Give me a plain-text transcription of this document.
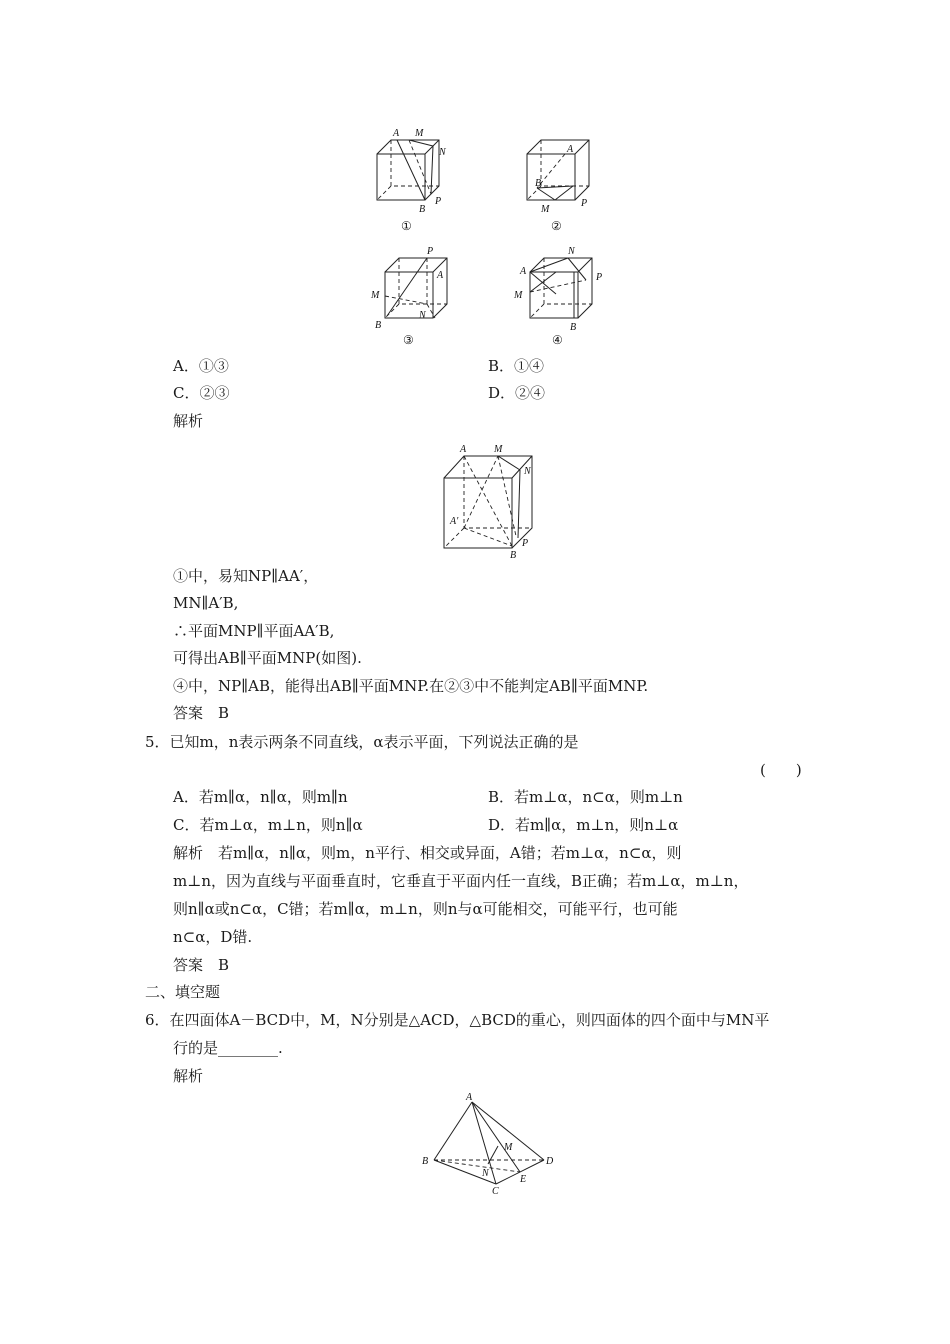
A M
N
B
P
①
A
B
M
P
②
P
A
M
B
N
③
A
N
P
M
B
④
A．①③	B．①④
C．②③	D．②④
解析
A	M
N
A′
P
B
①中，易知NP∥AA′，
MN∥A′B,
∴平面MNP∥平面AA′B,
可得出AB∥平面MNP(如图).
④中，NP∥AB，能得出AB∥平面MNP.在②③中不能判定AB∥平面MNP.
答案　B
5．已知m，n表示两条不同直线，α表示平面，下列说法正确的是
(　　)
A．若m∥α，n∥α，则m∥n	B．若m⊥α，n⊂α，则m⊥n
C．若m⊥α，m⊥n，则n∥α	D．若m∥α，m⊥n，则n⊥α
解析　若m∥α，n∥α，则m，n平行、相交或异面，A错；若m⊥α，n⊂α，则
m⊥n，因为直线与平面垂直时，它垂直于平面内任一直线，B正确；若m⊥α，m⊥n，
则n∥α或n⊂α，C错；若m∥α，m⊥n，则n与α可能相交，可能平行，也可能
n⊂α，D错.
答案　B
二、填空题
6．在四面体A－BCD中，M，N分别是△ACD，△BCD的重心，则四面体的四个面中与MN平
行的是________.
解析
A
B
M
D
N
E
C
